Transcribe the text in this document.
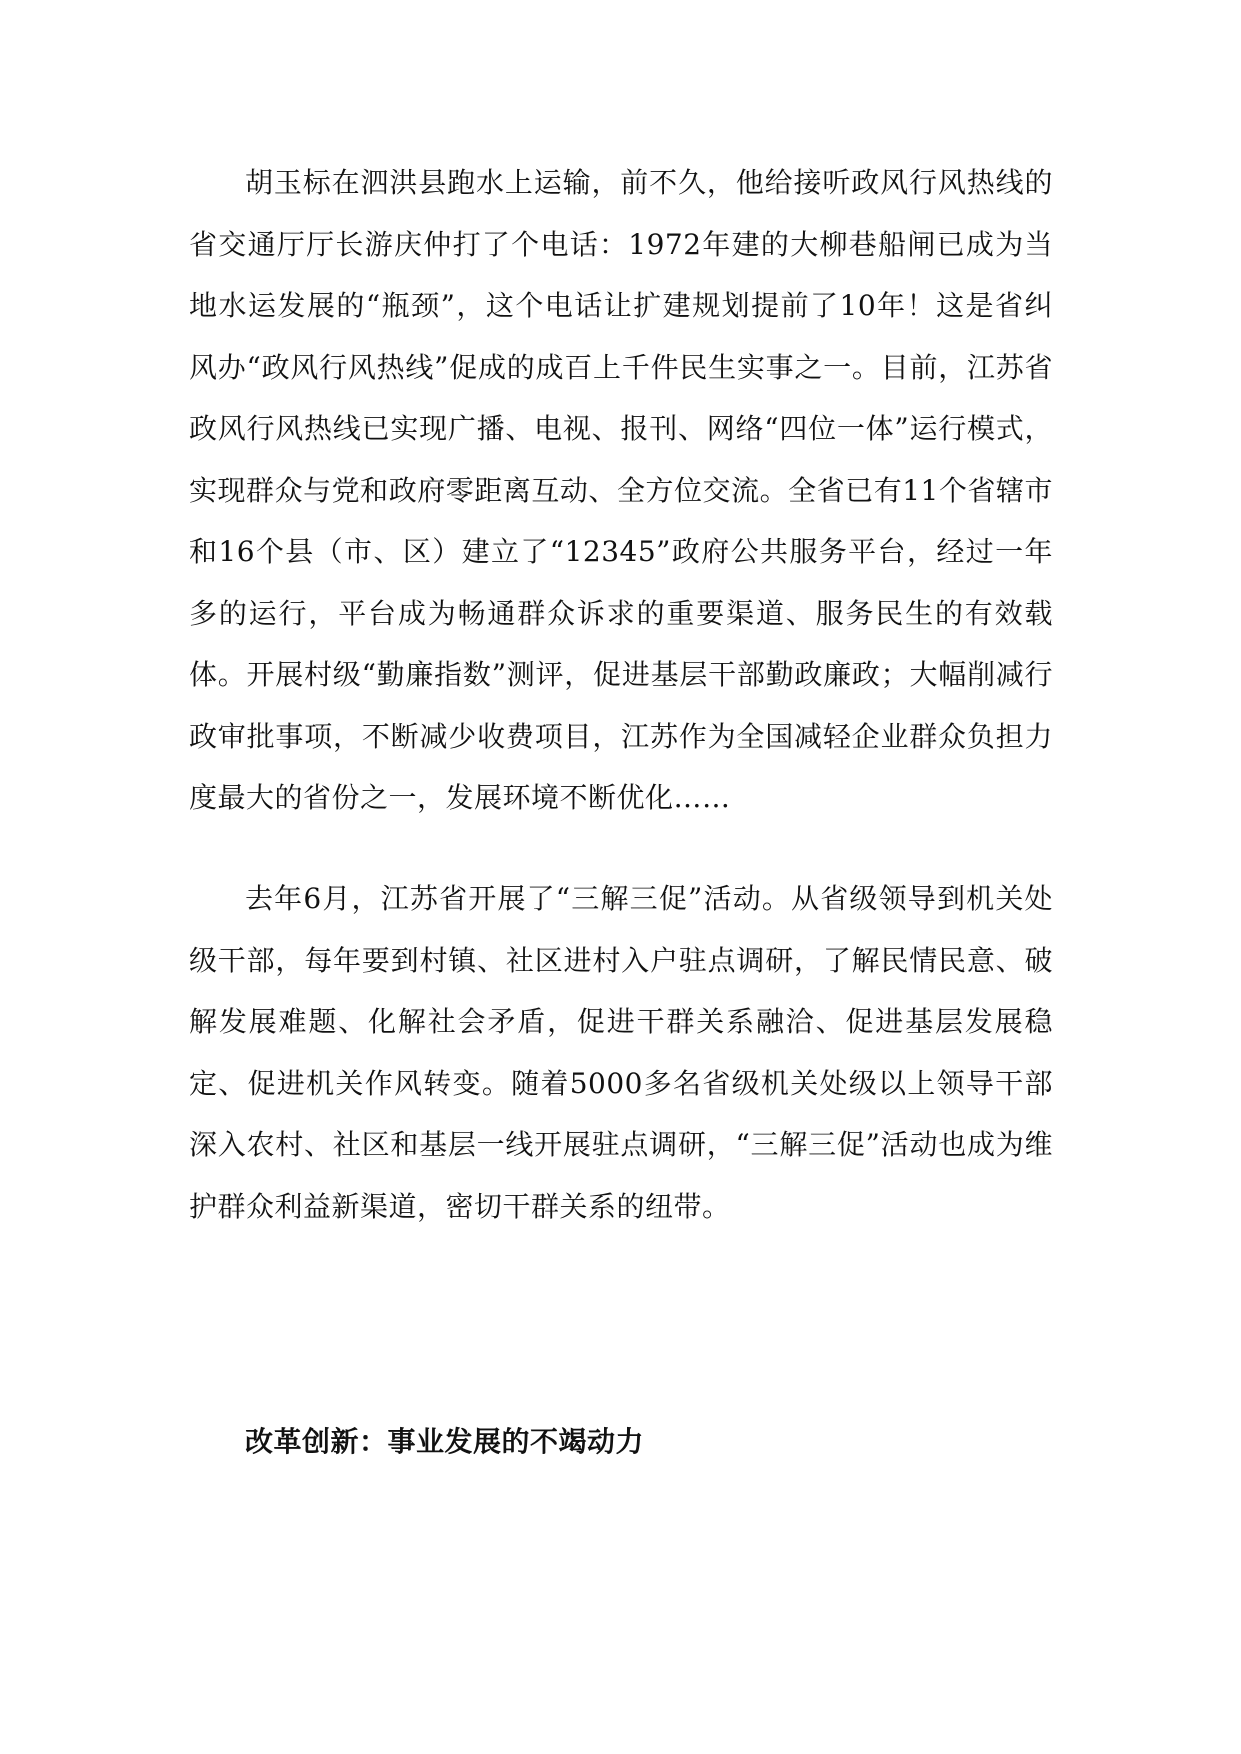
胡玉标在泗洪县跑水上运输，前不久，他给接听政风行风热线的省交通厅厅长游庆仲打了个电话：1972年建的大柳巷船闸已成为当地水运发展的“瓶颈”，这个电话让扩建规划提前了10年！这是省纠风办“政风行风热线”促成的成百上千件民生实事之一。目前，江苏省政风行风热线已实现广播、电视、报刊、网络“四位一体”运行模式，实现群众与党和政府零距离互动、全方位交流。全省已有11个省辖市和16个县（市、区）建立了“12345”政府公共服务平台，经过一年多的运行，平台成为畅通群众诉求的重要渠道、服务民生的有效载体。开展村级“勤廉指数”测评，促进基层干部勤政廉政；大幅削减行政审批事项，不断减少收费项目，江苏作为全国减轻企业群众负担力度最大的省份之一，发展环境不断优化……

去年6月，江苏省开展了“三解三促”活动。从省级领导到机关处级干部，每年要到村镇、社区进村入户驻点调研，了解民情民意、破解发展难题、化解社会矛盾，促进干群关系融洽、促进基层发展稳定、促进机关作风转变。随着5000多名省级机关处级以上领导干部深入农村、社区和基层一线开展驻点调研，“三解三促”活动也成为维护群众利益新渠道，密切干群关系的纽带。

改革创新：事业发展的不竭动力
